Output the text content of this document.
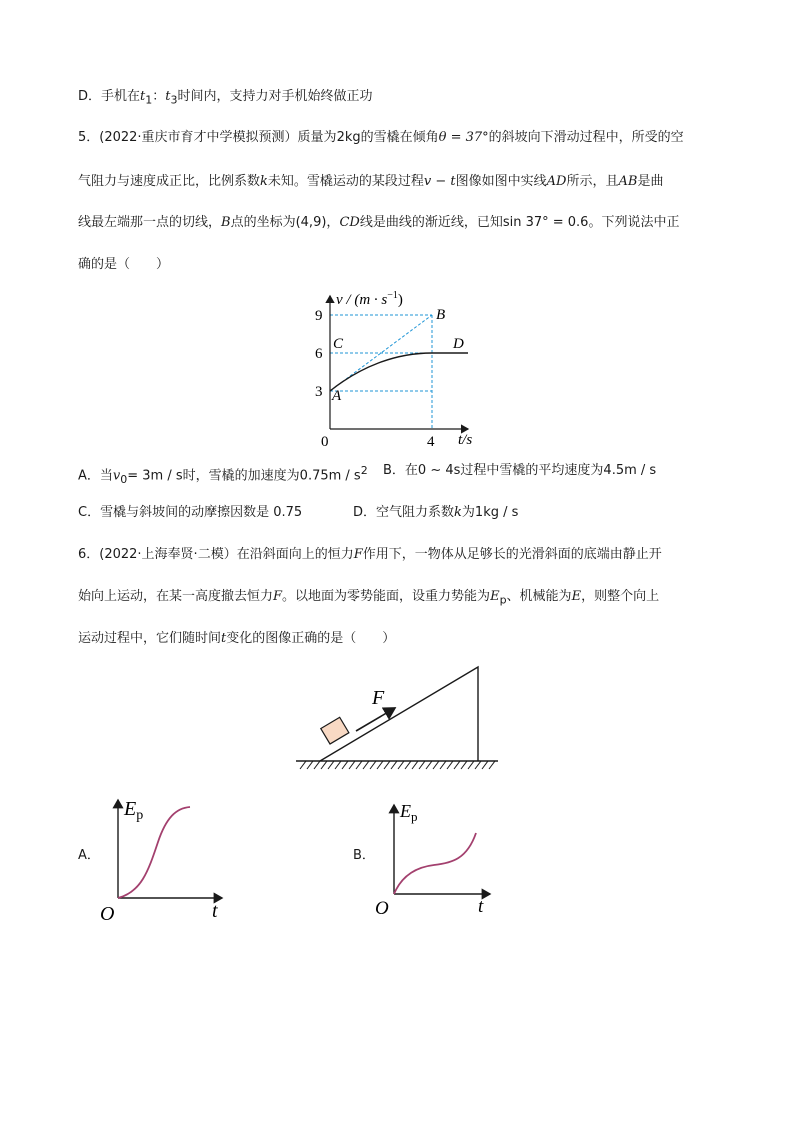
D．手机在$t_1$：$t_3$时间内，支持力对手机始终做正功
5．(2022·重庆市育才中学模拟预测）质量为2kg的雪橇在倾角θ = 37°的斜坡向下滑动过程中，所受的空
气阻力与速度成正比，比例系数k未知。雪橇运动的某段过程v − t图像如图中实线AD所示，且AB是曲
线最左端那一点的切线，B点的坐标为(4,9)，CD线是曲线的渐近线，已知sin 37° = 0.6。下列说法中正
确的是（　　）
$v / (m \cdot s^{-1})$
9
6
3
0	4 t/s
A
B
C	D
A．当$v_0= 3m / s$时，雪橇的加速度为$0.75m / s^2$ B．在0 ~ 4s过程中雪橇的平均速度为4.5m / s
C．雪橇与斜坡间的动摩擦因数是 0.75	D．空气阻力系数k为1kg / s
6．(2022·上海奉贤·二模）在沿斜面向上的恒力F作用下，一物体从足够长的光滑斜面的底端由静止开
始向上运动，在某一高度撤去恒力F。以地面为零势能面，设重力势能为$E_p$、机械能为E，则整个向上
运动过程中，它们随时间t变化的图像正确的是（　　）
F
A．	B．
$E_p$
O	t
$E_p$
O	t
